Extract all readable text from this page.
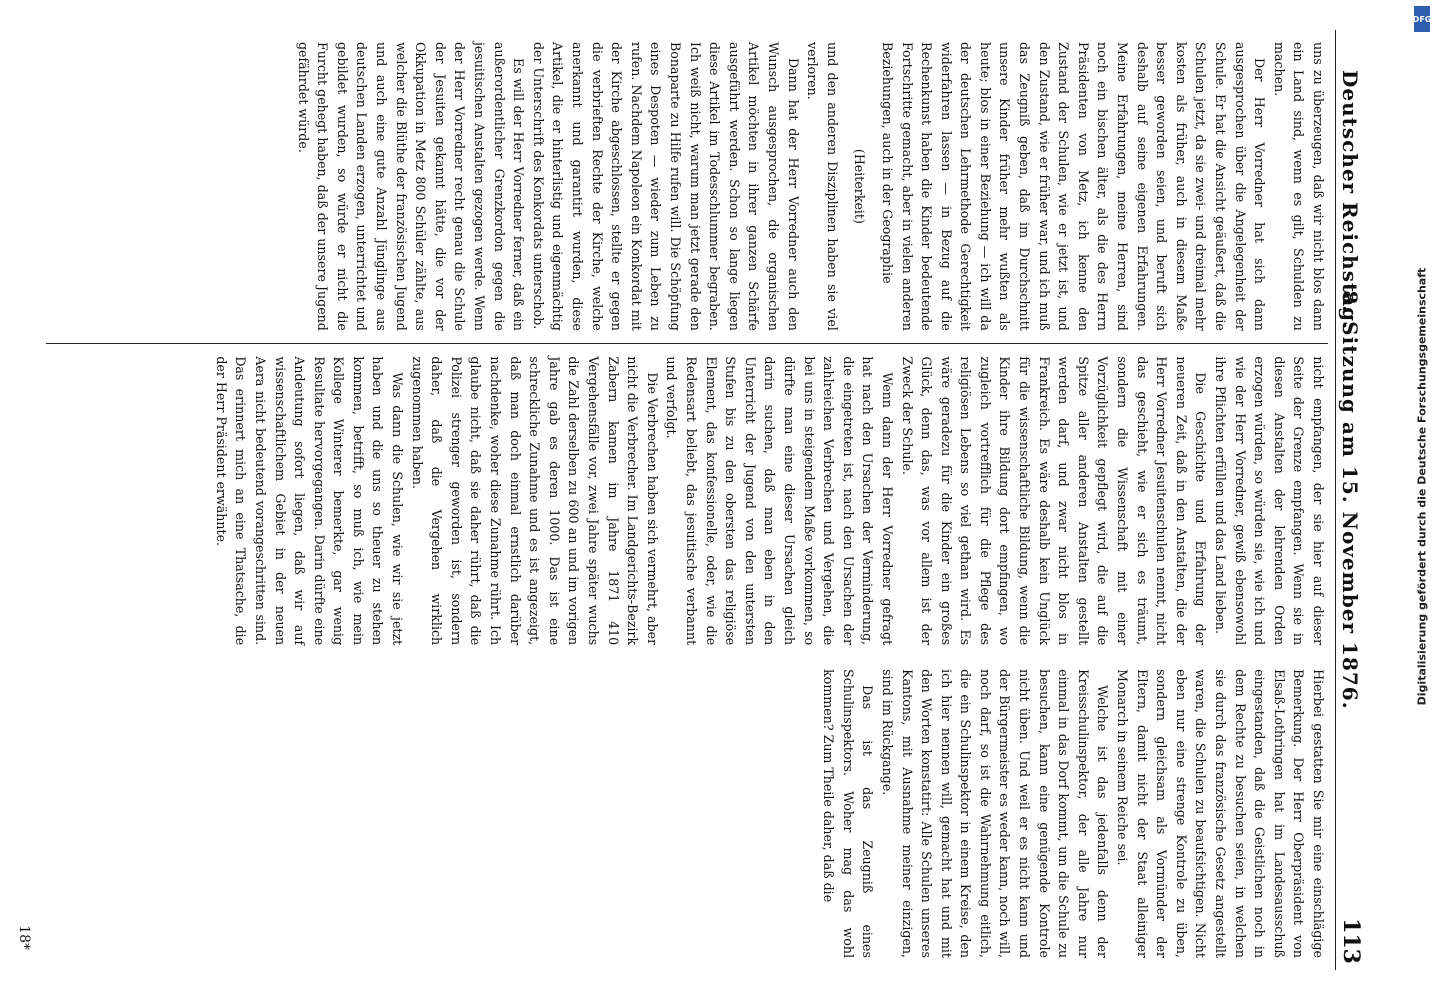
Deutscher Reichstag.
8. Sitzung am 15. November 1876.
113

uns zu überzeugen, daß wir nicht blos dann ein Land sind, wenn es gilt, Schulden zu machen.

Der Herr Vorredner hat sich dann ausgesprochen über die Angelegenheit der Schule. Er hat die Ansicht geäußert, daß die Schulen jetzt, da sie zwei- und dreimal mehr kosten als früher, auch in diesem Maße besser geworden seien, und beruft sich deshalb auf seine eigenen Erfahrungen. Meine Erfahrungen, meine Herren, sind noch ein bischen älter, als die des Herrn Präsidenten von Metz, ich kenne den Zustand der Schulen, wie er jetzt ist, und den Zustand, wie er früher war, und ich muß das Zeugniß geben, daß im Durchschnitt unsere Kinder früher mehr wußten als heute; blos in einer Beziehung — ich will da der deutschen Lehrmethode Gerechtigkeit widerfahren lassen — in Bezug auf die Rechenkunst haben die Kinder bedeutende Fortschritte gemacht, aber in vielen anderen Beziehungen, auch in der Geographie

(Heiterkeit)

und den anderen Disziplinen haben sie viel verloren.

Dann hat der Herr Vorredner auch den Wunsch ausgesprochen, die organischen Artikel möchten in ihrer ganzen Schärfe ausgeführt werden. Schon so lange liegen diese Artikel im Todesschlummer begraben. Ich weiß nicht, warum man jetzt gerade den Bonaparte zu Hilfe rufen will. Die Schöpfung eines Despoten — wieder zum Leben zu rufen. Nachdem Napoleon ein Konkordat mit der Kirche abgeschlossen, stellte er gegen die verbrieften Rechte der Kirche, welche anerkannt und garantirt wurden, diese Artikel, die er hinterlistig und eigenmächtig der Unterschrift des Konkordats unterschob.

Es will der Herr Vorredner ferner, daß ein außerordentlicher Grenzkordon gegen die jesuitischen Anstalten gezogen werde. Wenn der Herr Vorredner recht genau die Schule der Jesuiten gekannt hätte, die vor der Okkupation in Metz 800 Schüler zählte, aus welcher die Blüthe der französischen Jugend und auch eine gute Anzahl Jünglinge aus deutschen Landen erzogen, unterrichtet und gebildet wurden, so würde er nicht die Furcht gehegt haben, daß der unsere Jugend gefährdet würde.

nicht empfangen, der sie hier auf dieser Seite der Grenze empfangen. Wenn sie in diesen Anstalten der lehrenden Orden erzogen würden, so würden sie, wie ich und wie der Herr Vorredner, gewiß ebensowohl ihre Pflichten erfüllen und das Land lieben.

Die Geschichte und Erfahrung der neueren Zeit, daß in den Anstalten, die der Herr Vorredner Jesuitenschulen nennt, nicht das geschieht, wie er sich es träumt, sondern die Wissenschaft mit einer Vorzüglichkeit gepflegt wird, die auf die Spitze aller anderen Anstalten gestellt werden darf, und zwar nicht blos in Frankreich. Es wäre deshalb kein Unglück für die wissenschaftliche Bildung, wenn die Kinder ihre Bildung dort empfingen, wo zugleich vortrefflich für die Pflege des religiösen Lebens so viel gethan wird. Es wäre geradezu für die Kinder ein großes Glück, denn das, was vor allem ist der Zweck der Schule.

Wenn dann der Herr Vorredner gefragt hat nach den Ursachen der Verminderung, die eingetreten ist, nach den Ursachen der zahlreichen Verbrechen und Vergehen, die bei uns in steigendem Maße vorkommen, so dürfte man eine dieser Ursachen gleich darin suchen, daß man eben in den Unterricht der Jugend von den untersten Stufen bis zu den obersten das religiöse Element, das konfessionelle, oder, wie die Redensart beliebt, das jesuitische verbannt und verfolgt.

Die Verbrechen haben sich vermehrt, aber nicht die Verbrecher. Im Landgerichts-Bezirk Zabern kamen im Jahre 1871 410 Vergehensfälle vor, zwei Jahre später wuchs die Zahl derselben zu 600 an und im vorigen Jahre gab es deren 1000. Das ist eine schreckliche Zunahme und es ist angezeigt, daß man doch einmal ernstlich darüber nachdenke, woher diese Zunahme rührt. Ich glaube nicht, daß sie daher rührt, daß die Polizei strenger geworden ist, sondern daher, daß die Vergehen wirklich zugenommen haben.

Was dann die Schulen, wie wir sie jetzt haben und die uns so theuer zu stehen kommen, betrifft, so muß ich, wie mein Kollege Winterer bemerkte, gar wenig Resultate hervorgegangen. Darin dürfte eine Andeutung sofort liegen, daß wir auf wissenschaftlichem Gebiet in der neuen Aera nicht bedeutend vorangeschritten sind. Das erinnert mich an eine Thatsache, die der Herr Präsident erwähnte.

Hierbei gestatten Sie mir eine einschlägige Bemerkung. Der Herr Oberpräsident von Elsaß-Lothringen hat im Landesausschuß eingestanden, daß die Geistlichen noch in dem Rechte zu besuchen seien, in welchen sie durch das französische Gesetz angestellt waren, die Schulen zu beaufsichtigen. Nicht eben nur eine strenge Kontrole zu üben, sondern gleichsam als Vormünder der Eltern, damit nicht der Staat alleiniger Monarch in seinem Reiche sei.

Welche ist das jedenfalls denn der Kreisschulinspektor, der alle Jahre nur einmal in das Dorf kommt, um die Schule zu besuchen, kann eine genügende Kontrole nicht üben. Und weil er es nicht kann und der Bürgermeister es weder kann, noch will, noch darf, so ist die Wahrnehmung eitlich, die ein Schulinspektor in einem Kreise, den ich hier nennen will, gemacht hat und mit den Worten konstatirt: Alle Schulen unseres Kantons, mit Ausnahme meiner einzigen, sind im Rückgange.

Das ist das Zeugniß eines Schulinspektors. Woher mag das wohl kommen? Zum Theile daher, daß die

18*
DFG
Digitalisierung gefördert durch die Deutsche Forschungsgemeinschaft
